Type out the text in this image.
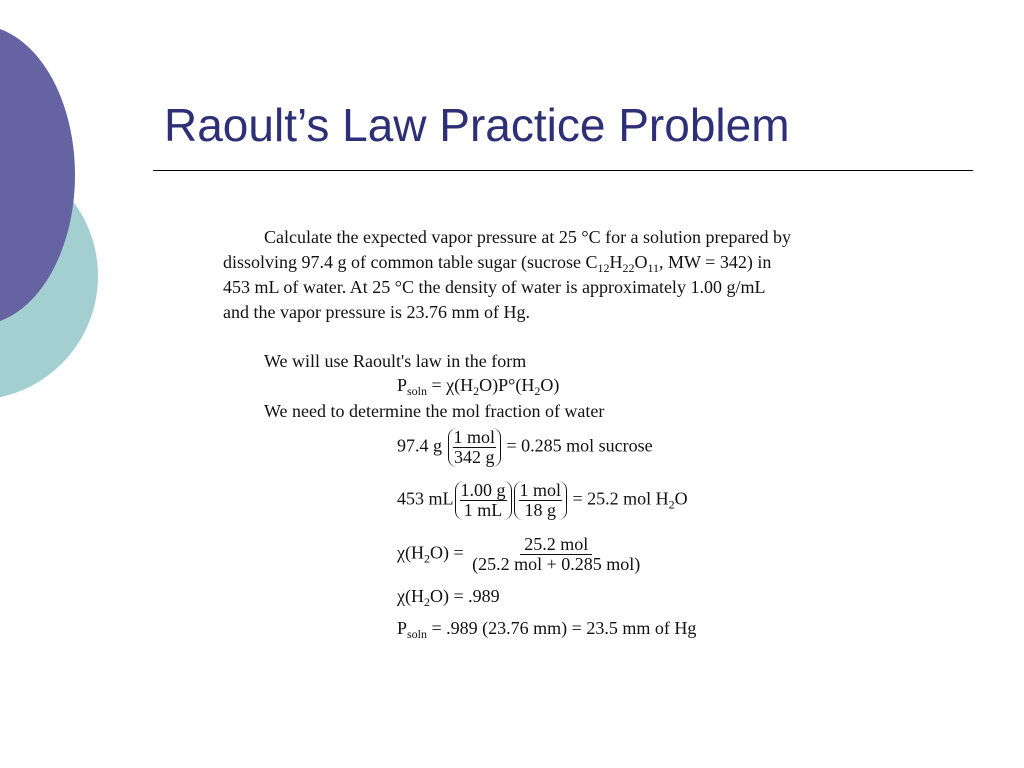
Raoult’s Law Practice Problem
Calculate the expected vapor pressure at 25 °C for a solution prepared by
dissolving 97.4 g of common table sugar (sucrose $C_{12}H_{22}O_{11}$, MW = 342) in
453 mL of water. At 25 °C the density of water is approximately 1.00 g/mL
and the vapor pressure is 23.76 mm of Hg.
We will use Raoult's law in the form
$P_{soln} = \chi(H_2O)P^\circ(H_2O)$
We need to determine the mol fraction of water
97.4 g $\frac{\text{1 mol}}{342 g} = 0.285$ mol sucrose
453 mL $\frac{1.00 g}{1 mL} \frac{\text{1 mol}}{18 g} = 25.2$ mol $H_2O$
$\chi(H_2O) = \frac{\text{25.2 mol}}{\text{(25.2 mol + 0.285 mol)}}$
$\chi(H_2O) = .989$
$P_{soln} = .989$ (23.76 mm) = 23.5 mm of Hg
